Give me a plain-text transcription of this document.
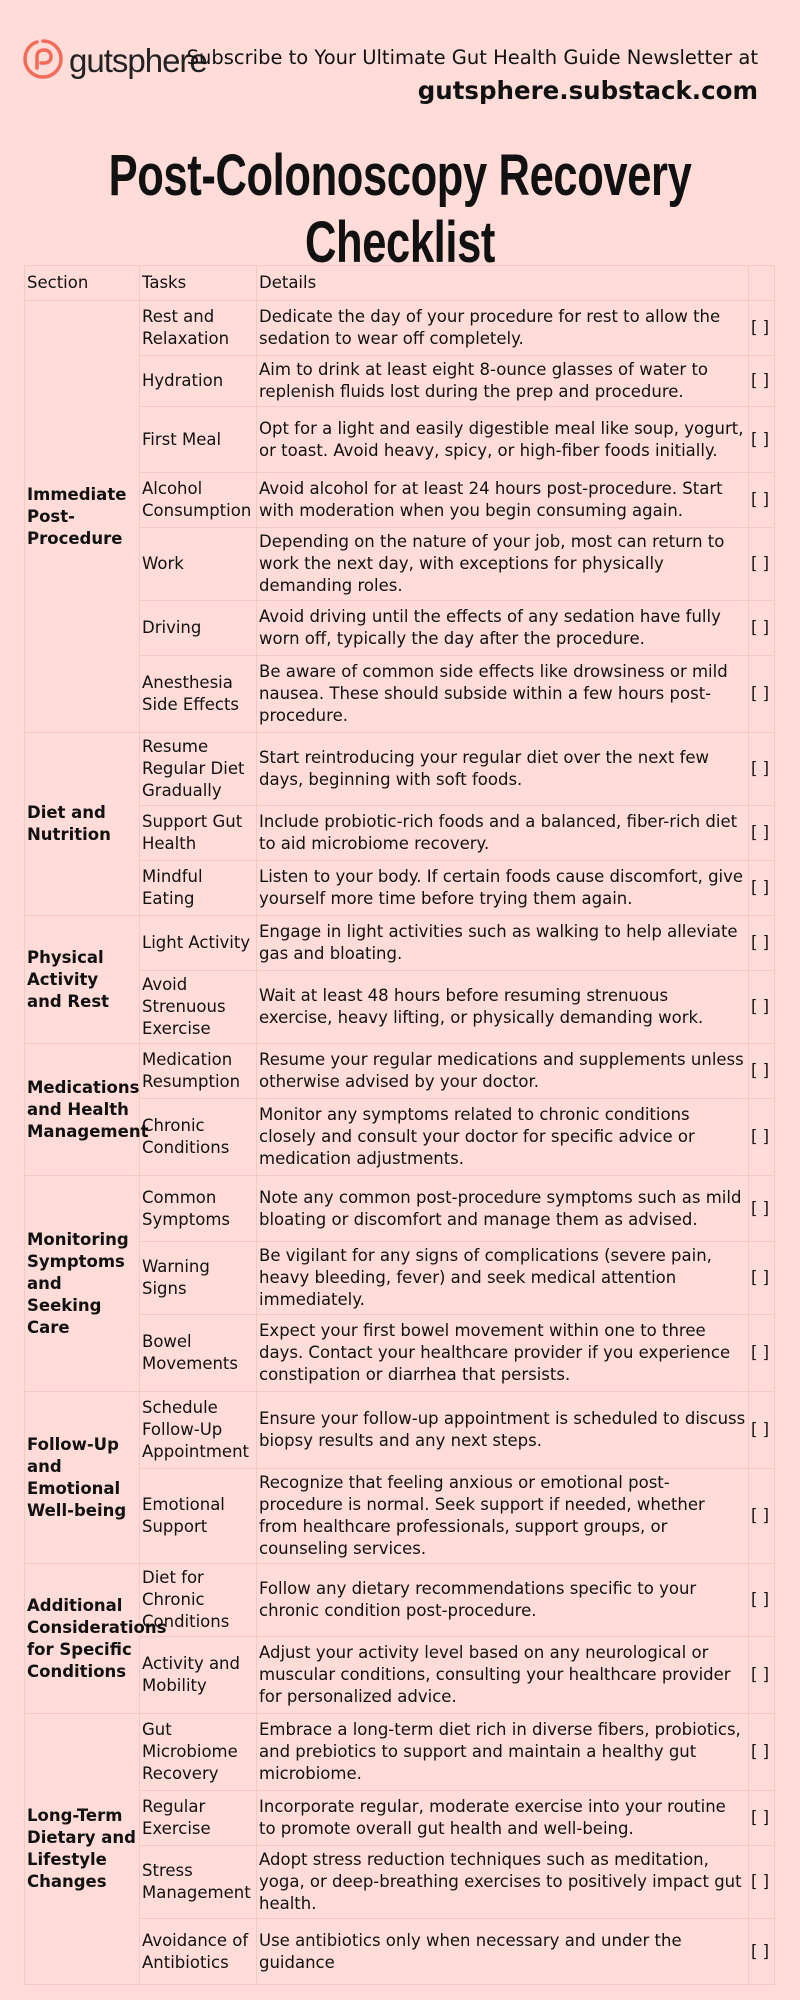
gutsphere
Subscribe to Your Ultimate Gut Health Guide Newsletter at
gutsphere.substack.com
Post-Colonoscopy Recovery Checklist
Section	Tasks	Details	
Immediate Post-Procedure	Rest and Relaxation	Dedicate the day of your procedure for rest to allow the sedation to wear off completely.	[ ]
	Hydration	Aim to drink at least eight 8-ounce glasses of water to replenish fluids lost during the prep and procedure.	[ ]
	First Meal	Opt for a light and easily digestible meal like soup, yogurt, or toast. Avoid heavy, spicy, or high-fiber foods initially.	[ ]
	Alcohol Consumption	Avoid alcohol for at least 24 hours post-procedure. Start with moderation when you begin consuming again.	[ ]
	Work	Depending on the nature of your job, most can return to work the next day, with exceptions for physically demanding roles.	[ ]
	Driving	Avoid driving until the effects of any sedation have fully worn off, typically the day after the procedure.	[ ]
	Anesthesia Side Effects	Be aware of common side effects like drowsiness or mild nausea. These should subside within a few hours post-procedure.	[ ]
Diet and Nutrition	Resume Regular Diet Gradually	Start reintroducing your regular diet over the next few days, beginning with soft foods.	[ ]
	Support Gut Health	Include probiotic-rich foods and a balanced, fiber-rich diet to aid microbiome recovery.	[ ]
	Mindful Eating	Listen to your body. If certain foods cause discomfort, give yourself more time before trying them again.	[ ]
Physical Activity and Rest	Light Activity	Engage in light activities such as walking to help alleviate gas and bloating.	[ ]
	Avoid Strenuous Exercise	Wait at least 48 hours before resuming strenuous exercise, heavy lifting, or physically demanding work.	[ ]
Medications and Health Management	Medication Resumption	Resume your regular medications and supplements unless otherwise advised by your doctor.	[ ]
	Chronic Conditions	Monitor any symptoms related to chronic conditions closely and consult your doctor for specific advice or medication adjustments.	[ ]
Monitoring Symptoms and Seeking Care	Common Symptoms	Note any common post-procedure symptoms such as mild bloating or discomfort and manage them as advised.	[ ]
	Warning Signs	Be vigilant for any signs of complications (severe pain, heavy bleeding, fever) and seek medical attention immediately.	[ ]
	Bowel Movements	Expect your first bowel movement within one to three days. Contact your healthcare provider if you experience constipation or diarrhea that persists.	[ ]
Follow-Up and Emotional Well-being	Schedule Follow-Up Appointment	Ensure your follow-up appointment is scheduled to discuss biopsy results and any next steps.	[ ]
	Emotional Support	Recognize that feeling anxious or emotional post-procedure is normal. Seek support if needed, whether from healthcare professionals, support groups, or counseling services.	[ ]
Additional Considerations for Specific Conditions	Diet for Chronic Conditions	Follow any dietary recommendations specific to your chronic condition post-procedure.	[ ]
	Activity and Mobility	Adjust your activity level based on any neurological or muscular conditions, consulting your healthcare provider for personalized advice.	[ ]
Long-Term Dietary and Lifestyle Changes	Gut Microbiome Recovery	Embrace a long-term diet rich in diverse fibers, probiotics, and prebiotics to support and maintain a healthy gut microbiome.	[ ]
	Regular Exercise	Incorporate regular, moderate exercise into your routine to promote overall gut health and well-being.	[ ]
	Stress Management	Adopt stress reduction techniques such as meditation, yoga, or deep-breathing exercises to positively impact gut health.	[ ]
	Avoidance of Antibiotics	Use antibiotics only when necessary and under the guidance	[ ]
